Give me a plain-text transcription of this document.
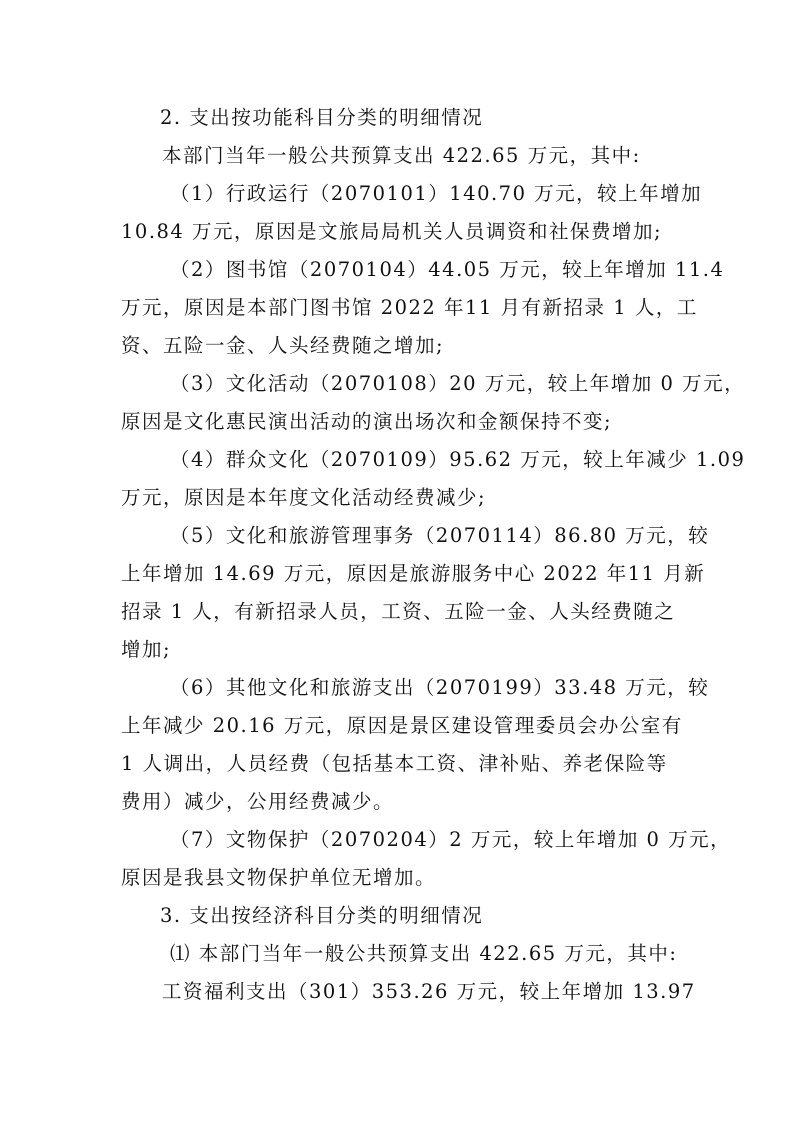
2. 支出按功能科目分类的明细情况
本部门当年一般公共预算支出 422.65 万元，其中:
（1）行政运行（2070101）140.70 万元，较上年增加
10.84 万元，原因是文旅局局机关人员调资和社保费增加;
（2）图书馆（2070104）44.05 万元，较上年增加 11.4
万元，原因是本部门图书馆 2022 年11 月有新招录 1 人，工
资、五险一金、人头经费随之增加;
（3）文化活动（2070108）20 万元，较上年增加 0 万元，
原因是文化惠民演出活动的演出场次和金额保持不变;
（4）群众文化（2070109）95.62 万元，较上年减少 1.09
万元，原因是本年度文化活动经费减少;
（5）文化和旅游管理事务（2070114）86.80 万元，较
上年增加 14.69 万元，原因是旅游服务中心 2022 年11 月新
招录 1 人，有新招录人员，工资、五险一金、人头经费随之
增加;
（6）其他文化和旅游支出（2070199）33.48 万元，较
上年减少 20.16 万元，原因是景区建设管理委员会办公室有
1 人调出，人员经费（包括基本工资、津补贴、养老保险等
费用）减少，公用经费减少。
（7）文物保护（2070204）2 万元，较上年增加 0 万元，
原因是我县文物保护单位无增加。
3. 支出按经济科目分类的明细情况
⑴ 本部门当年一般公共预算支出 422.65 万元，其中:
工资福利支出（301）353.26 万元，较上年增加 13.97
